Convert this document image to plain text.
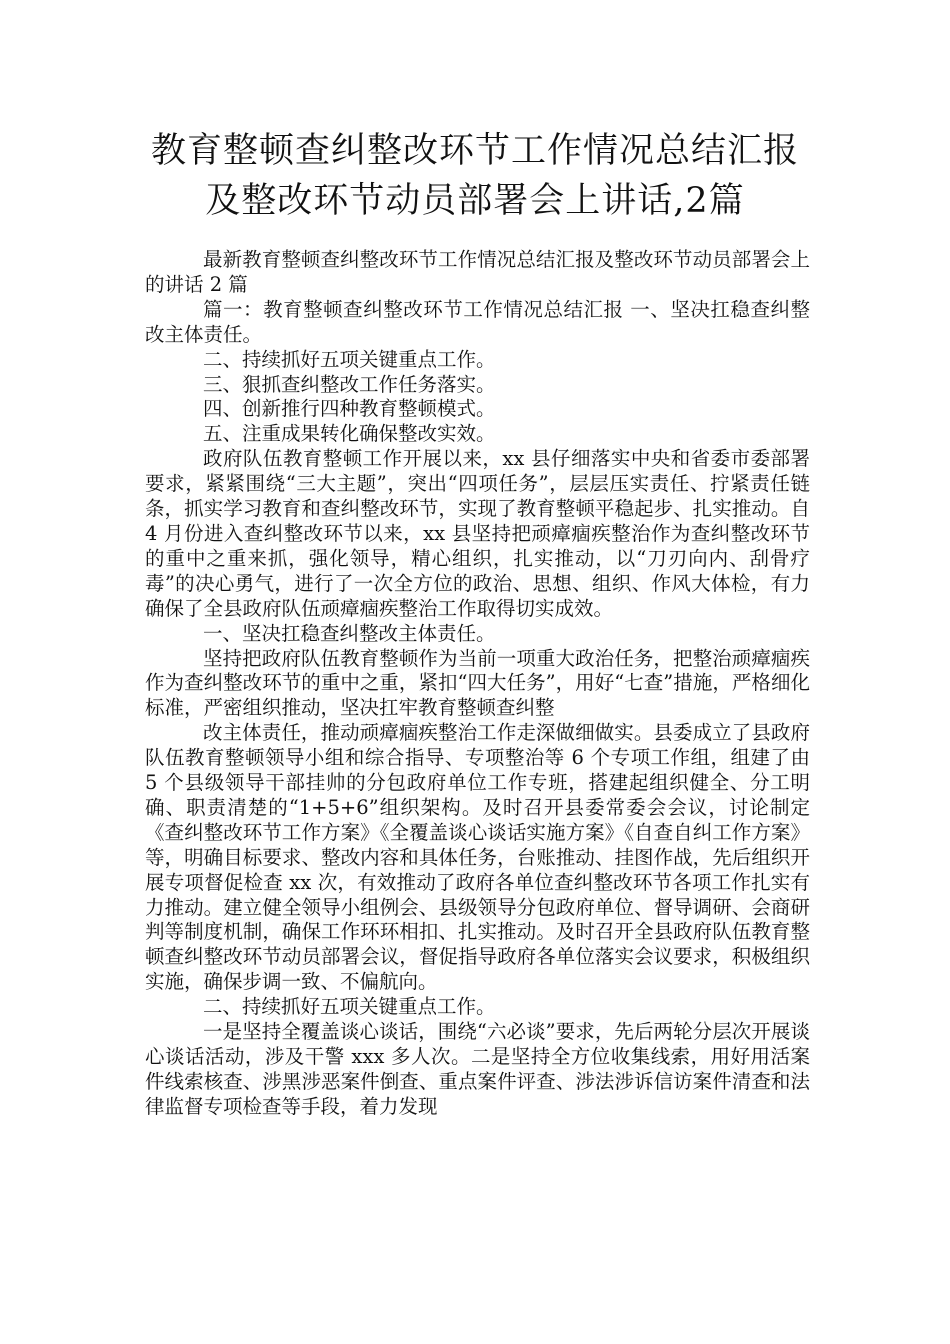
教育整顿查纠整改环节工作情况总结汇报
及整改环节动员部署会上讲话,2篇

最新教育整顿查纠整改环节工作情况总结汇报及整改环节动员部署会上的讲话 2 篇

篇一：教育整顿查纠整改环节工作情况总结汇报 一、坚决扛稳查纠整改主体责任。

二、持续抓好五项关键重点工作。

三、狠抓查纠整改工作任务落实。

四、创新推行四种教育整顿模式。

五、注重成果转化确保整改实效。

政府队伍教育整顿工作开展以来，xx 县仔细落实中央和省委市委部署要求，紧紧围绕“三大主题”，突出“四项任务”，层层压实责任、拧紧责任链条，抓实学习教育和查纠整改环节，实现了教育整顿平稳起步、扎实推动。自 4 月份进入查纠整改环节以来，xx 县坚持把顽瘴痼疾整治作为查纠整改环节的重中之重来抓，强化领导，精心组织，扎实推动，以“刀刃向内、刮骨疗毒”的决心勇气，进行了一次全方位的政治、思想、组织、作风大体检，有力确保了全县政府队伍顽瘴痼疾整治工作取得切实成效。

一、坚决扛稳查纠整改主体责任。

坚持把政府队伍教育整顿作为当前一项重大政治任务，把整治顽瘴痼疾作为查纠整改环节的重中之重，紧扣“四大任务”，用好“七查”措施，严格细化标准，严密组织推动，坚决扛牢教育整顿查纠整

改主体责任，推动顽瘴痼疾整治工作走深做细做实。县委成立了县政府队伍教育整顿领导小组和综合指导、专项整治等 6 个专项工作组，组建了由 5 个县级领导干部挂帅的分包政府单位工作专班，搭建起组织健全、分工明确、职责清楚的“1+5+6”组织架构。及时召开县委常委会会议，讨论制定《查纠整改环节工作方案》《全覆盖谈心谈话实施方案》《自查自纠工作方案》等，明确目标要求、整改内容和具体任务，台账推动、挂图作战，先后组织开展专项督促检查 xx 次，有效推动了政府各单位查纠整改环节各项工作扎实有力推动。建立健全领导小组例会、县级领导分包政府单位、督导调研、会商研判等制度机制，确保工作环环相扣、扎实推动。及时召开全县政府队伍教育整顿查纠整改环节动员部署会议，督促指导政府各单位落实会议要求，积极组织实施，确保步调一致、不偏航向。

二、持续抓好五项关键重点工作。

一是坚持全覆盖谈心谈话，围绕“六必谈”要求，先后两轮分层次开展谈心谈话活动，涉及干警 xxx 多人次。二是坚持全方位收集线索，用好用活案件线索核查、涉黑涉恶案件倒查、重点案件评查、涉法涉诉信访案件清查和法律监督专项检查等手段，着力发现
